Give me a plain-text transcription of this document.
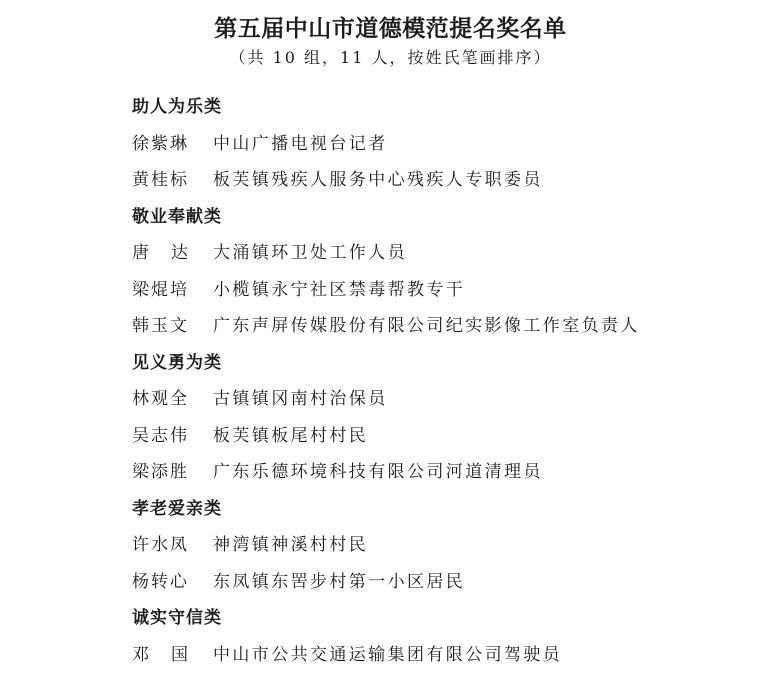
第五届中山市道德模范提名奖名单
（共 10 组，11 人，按姓氏笔画排序）
助人为乐类
徐紫琳 中山广播电视台记者
黄桂标 板芙镇残疾人服务中心残疾人专职委员
敬业奉献类
唐 达 大涌镇环卫处工作人员
梁焜培 小榄镇永宁社区禁毒帮教专干
韩玉文 广东声屏传媒股份有限公司纪实影像工作室负责人
见义勇为类
林观全 古镇镇冈南村治保员
吴志伟 板芙镇板尾村村民
梁添胜 广东乐德环境科技有限公司河道清理员
孝老爱亲类
许水凤 神湾镇神溪村村民
杨转心 东凤镇东罟步村第一小区居民
诚实守信类
邓 国 中山市公共交通运输集团有限公司驾驶员
